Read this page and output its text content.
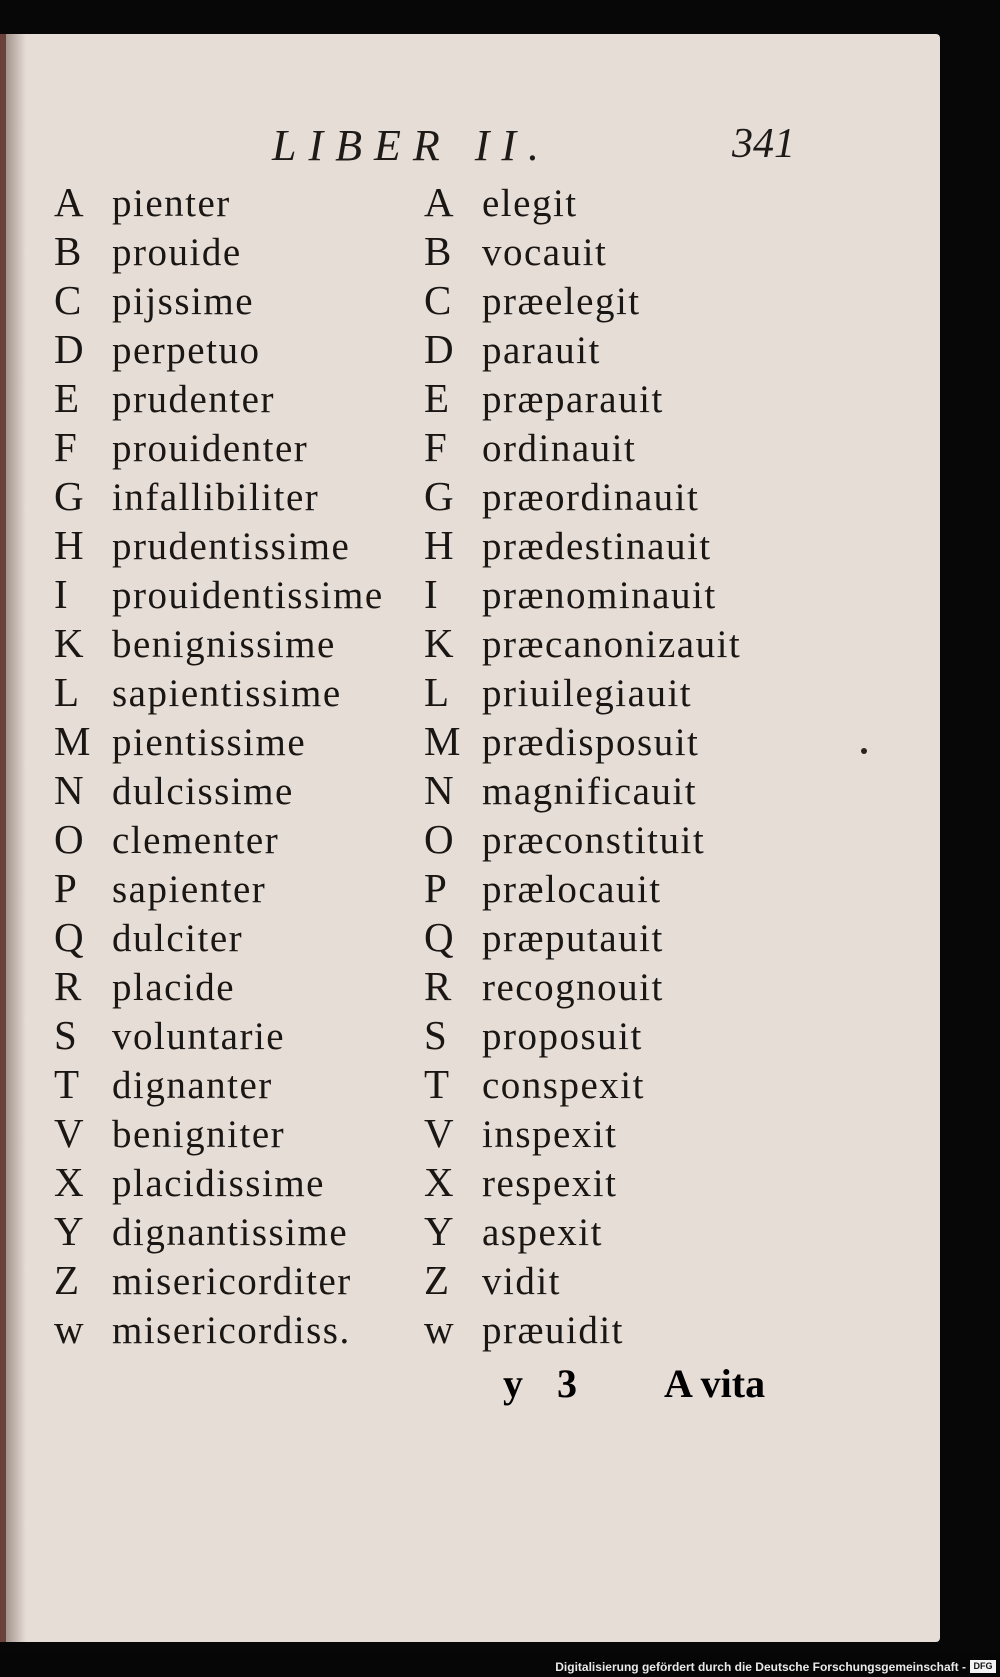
LIBER II.	341
A pienter
B prouide
C pijssime
D perpetuo
E prudenter
F prouidenter
G infallibiliter
H prudentissime
I prouidentissime
K benignissime
L sapientissime
M pientissime
N dulcissime
O clementer
P sapienter
Q dulciter
R placide
S voluntarie
T dignanter
V benigniter
X placidissime
Y dignantissime
Z misericorditer
w misericordiss.
A elegit
B vocauit
C præelegit
D parauit
E præparauit
F ordinauit
G præordinauit
H prædestinauit
I prænominauit
K præcanonizauit
L priuilegiauit
M prædisposuit
N magnificauit
O præconstituit
P prælocauit
Q præputauit
R recognouit
S proposuit
T conspexit
V inspexit
X respexit
Y aspexit
Z vidit
w præuidit
y 3 A vita
Digitalisierung gefördert durch die Deutsche Forschungsgemeinschaft - DFG
